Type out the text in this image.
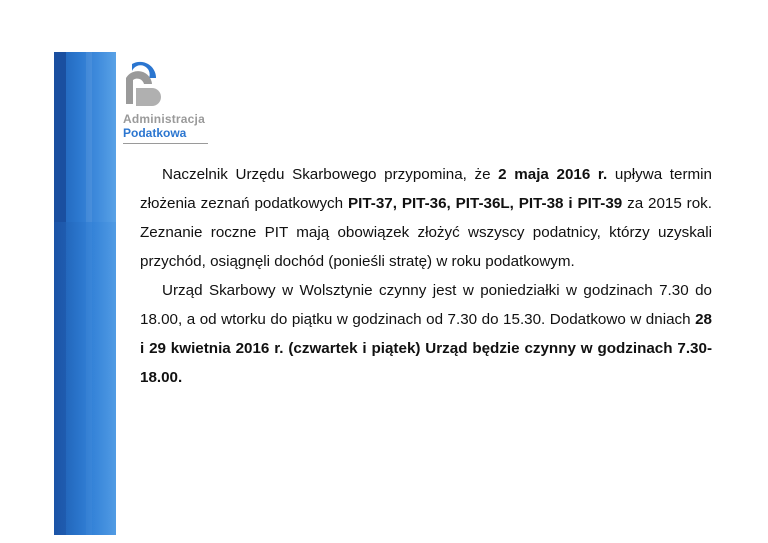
Administracja
Podatkowa

Naczelnik Urzędu Skarbowego przypomina, że 2 maja 2016 r. upływa termin złożenia zeznań podatkowych PIT-37, PIT-36, PIT-36L, PIT-38 i PIT-39 za 2015 rok. Zeznanie roczne PIT mają obowiązek złożyć wszyscy podatnicy, którzy uzyskali przychód, osiągnęli dochód (ponieśli stratę) w roku podatkowym.

Urząd Skarbowy w Wolsztynie czynny jest w poniedziałki w godzinach 7.30 do 18.00, a od wtorku do piątku w godzinach od 7.30 do 15.30. Dodatkowo w dniach 28 i 29 kwietnia 2016 r. (czwartek i piątek) Urząd będzie czynny w godzinach 7.30-18.00.
